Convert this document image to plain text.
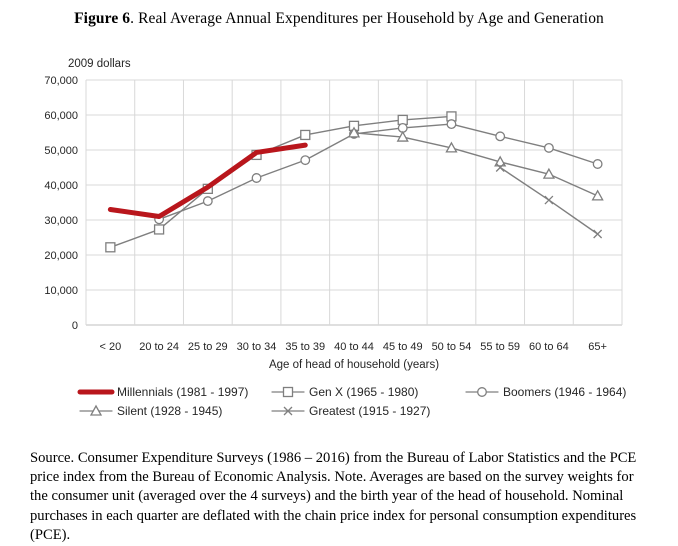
Figure 6. Real Average Annual Expenditures per Household by Age and Generation
2009 dollars
0
10,000
20,000
30,000
40,000
50,000
60,000
70,000
< 20 20 to 24 25 to 29 30 to 34 35 to 39 40 to 44 45 to 49 50 to 54 55 to 59 60 to 64 65+
Age of head of household (years)
Millennials (1981 - 1997)	Gen X (1965 - 1980)	Boomers (1946 - 1964)
Silent (1928 - 1945)	Greatest (1915 - 1927)

Source. Consumer Expenditure Surveys (1986 – 2016) from the Bureau of Labor Statistics and the PCE price index from the Bureau of Economic Analysis. Note. Averages are based on the survey weights for the consumer unit (averaged over the 4 surveys) and the birth year of the head of household. Nominal purchases in each quarter are deflated with the chain price index for personal consumption expenditures (PCE).
